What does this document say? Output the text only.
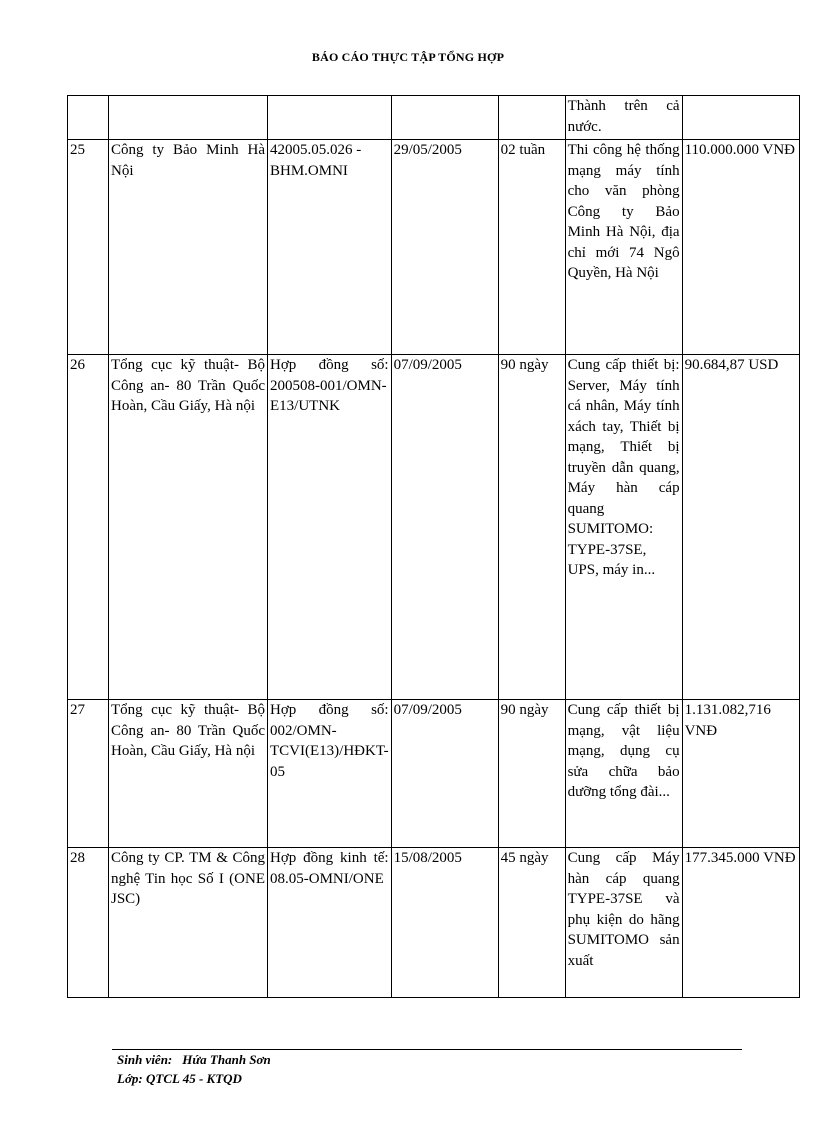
BÁO CÁO THỰC TẬP TỔNG HỢP
					Thành trên cả nước.	
25	Công ty Bảo Minh Hà Nội	42005.05.026 -BHM.OMNI	29/05/2005	02 tuần	Thi công hệ thống mạng máy tính cho văn phòng Công ty Bảo Minh Hà Nội, địa chỉ mới 74 Ngô Quyền, Hà Nội	110.000.000 VNĐ
26	Tổng cục kỹ thuật- Bộ Công an- 80 Trần Quốc Hoàn, Cầu Giấy, Hà nội	Hợp đồng số: 200508-001/OMN-E13/UTNK	07/09/2005	90 ngày	Cung cấp thiết bị: Server, Máy tính cá nhân, Máy tính xách tay, Thiết bị mạng, Thiết bị truyền dẫn quang, Máy hàn cáp quang SUMITOMO: TYPE-37SE, UPS, máy in...	90.684,87 USD
27	Tổng cục kỹ thuật- Bộ Công an- 80 Trần Quốc Hoàn, Cầu Giấy, Hà nội	Hợp đồng số: 002/OMN-TCVI(E13)/HĐKT-05	07/09/2005	90 ngày	Cung cấp thiết bị mạng, vật liệu mạng, dụng cụ sửa chữa bảo dưỡng tổng đài...	1.131.082,716 VNĐ
28	Công ty CP. TM & Công nghệ Tin học Số I (ONE JSC)	Hợp đồng kinh tế: 08.05-OMNI/ONE	15/08/2005	45 ngày	Cung cấp Máy hàn cáp quang TYPE-37SE và phụ kiện do hãng SUMITOMO sản xuất	177.345.000 VNĐ
Sinh viên: Hứa Thanh Sơn
Lớp: QTCL 45 - KTQD
